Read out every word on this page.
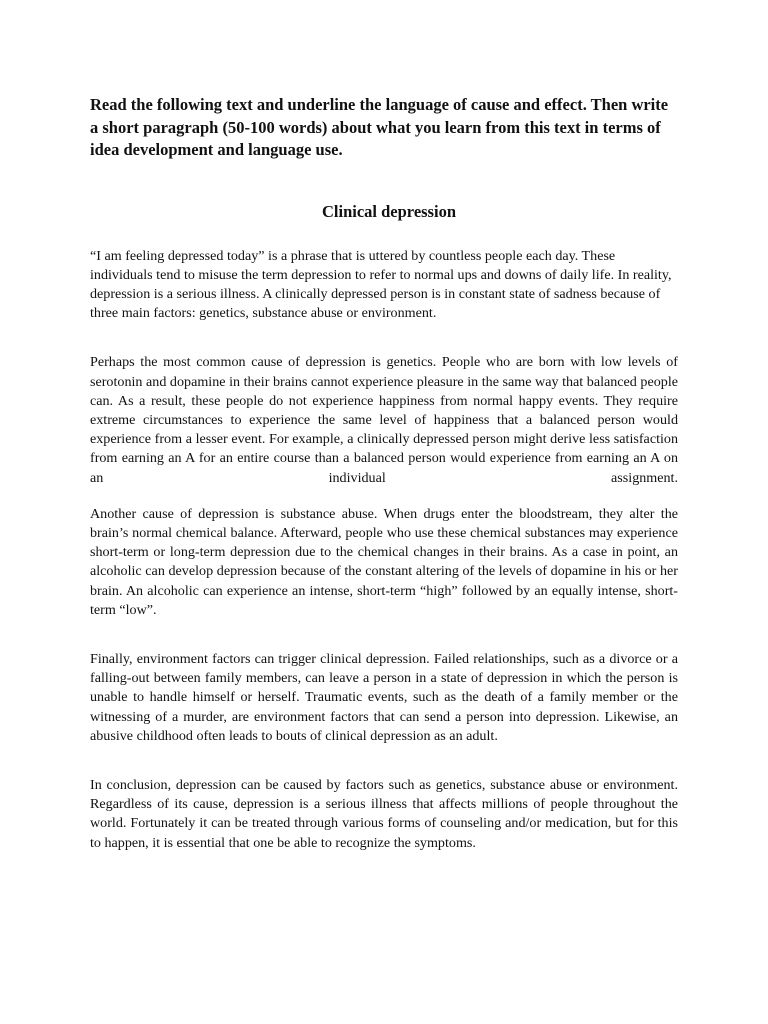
Read the following text and underline the language of cause and effect. Then write a short paragraph (50-100 words) about what you learn from this text in terms of idea development and language use.

Clinical depression

“I am feeling depressed today” is a phrase that is uttered by countless people each day. These individuals tend to misuse the term depression to refer to normal ups and downs of daily life. In reality, depression is a serious illness. A clinically depressed person is in constant state of sadness because of three main factors: genetics, substance abuse or environment.

Perhaps the most common cause of depression is genetics. People who are born with low levels of serotonin and dopamine in their brains cannot experience pleasure in the same way that balanced people can. As a result, these people do not experience happiness from normal happy events. They require extreme circumstances to experience the same level of happiness that a balanced person would experience from a lesser event. For example, a clinically depressed person might derive less satisfaction from earning an A for an entire course than a balanced person would experience from earning an A on an individual assignment.

Another cause of depression is substance abuse. When drugs enter the bloodstream, they alter the brain’s normal chemical balance. Afterward, people who use these chemical substances may experience short-term or long-term depression due to the chemical changes in their brains. As a case in point, an alcoholic can develop depression because of the constant altering of the levels of dopamine in his or her brain. An alcoholic can experience an intense, short-term “high” followed by an equally intense, short-term “low”.

Finally, environment factors can trigger clinical depression. Failed relationships, such as a divorce or a falling-out between family members, can leave a person in a state of depression in which the person is unable to handle himself or herself. Traumatic events, such as the death of a family member or the witnessing of a murder, are environment factors that can send a person into depression. Likewise, an abusive childhood often leads to bouts of clinical depression as an adult.

In conclusion, depression can be caused by factors such as genetics, substance abuse or environment. Regardless of its cause, depression is a serious illness that affects millions of people throughout the world. Fortunately it can be treated through various forms of counseling and/or medication, but for this to happen, it is essential that one be able to recognize the symptoms.
